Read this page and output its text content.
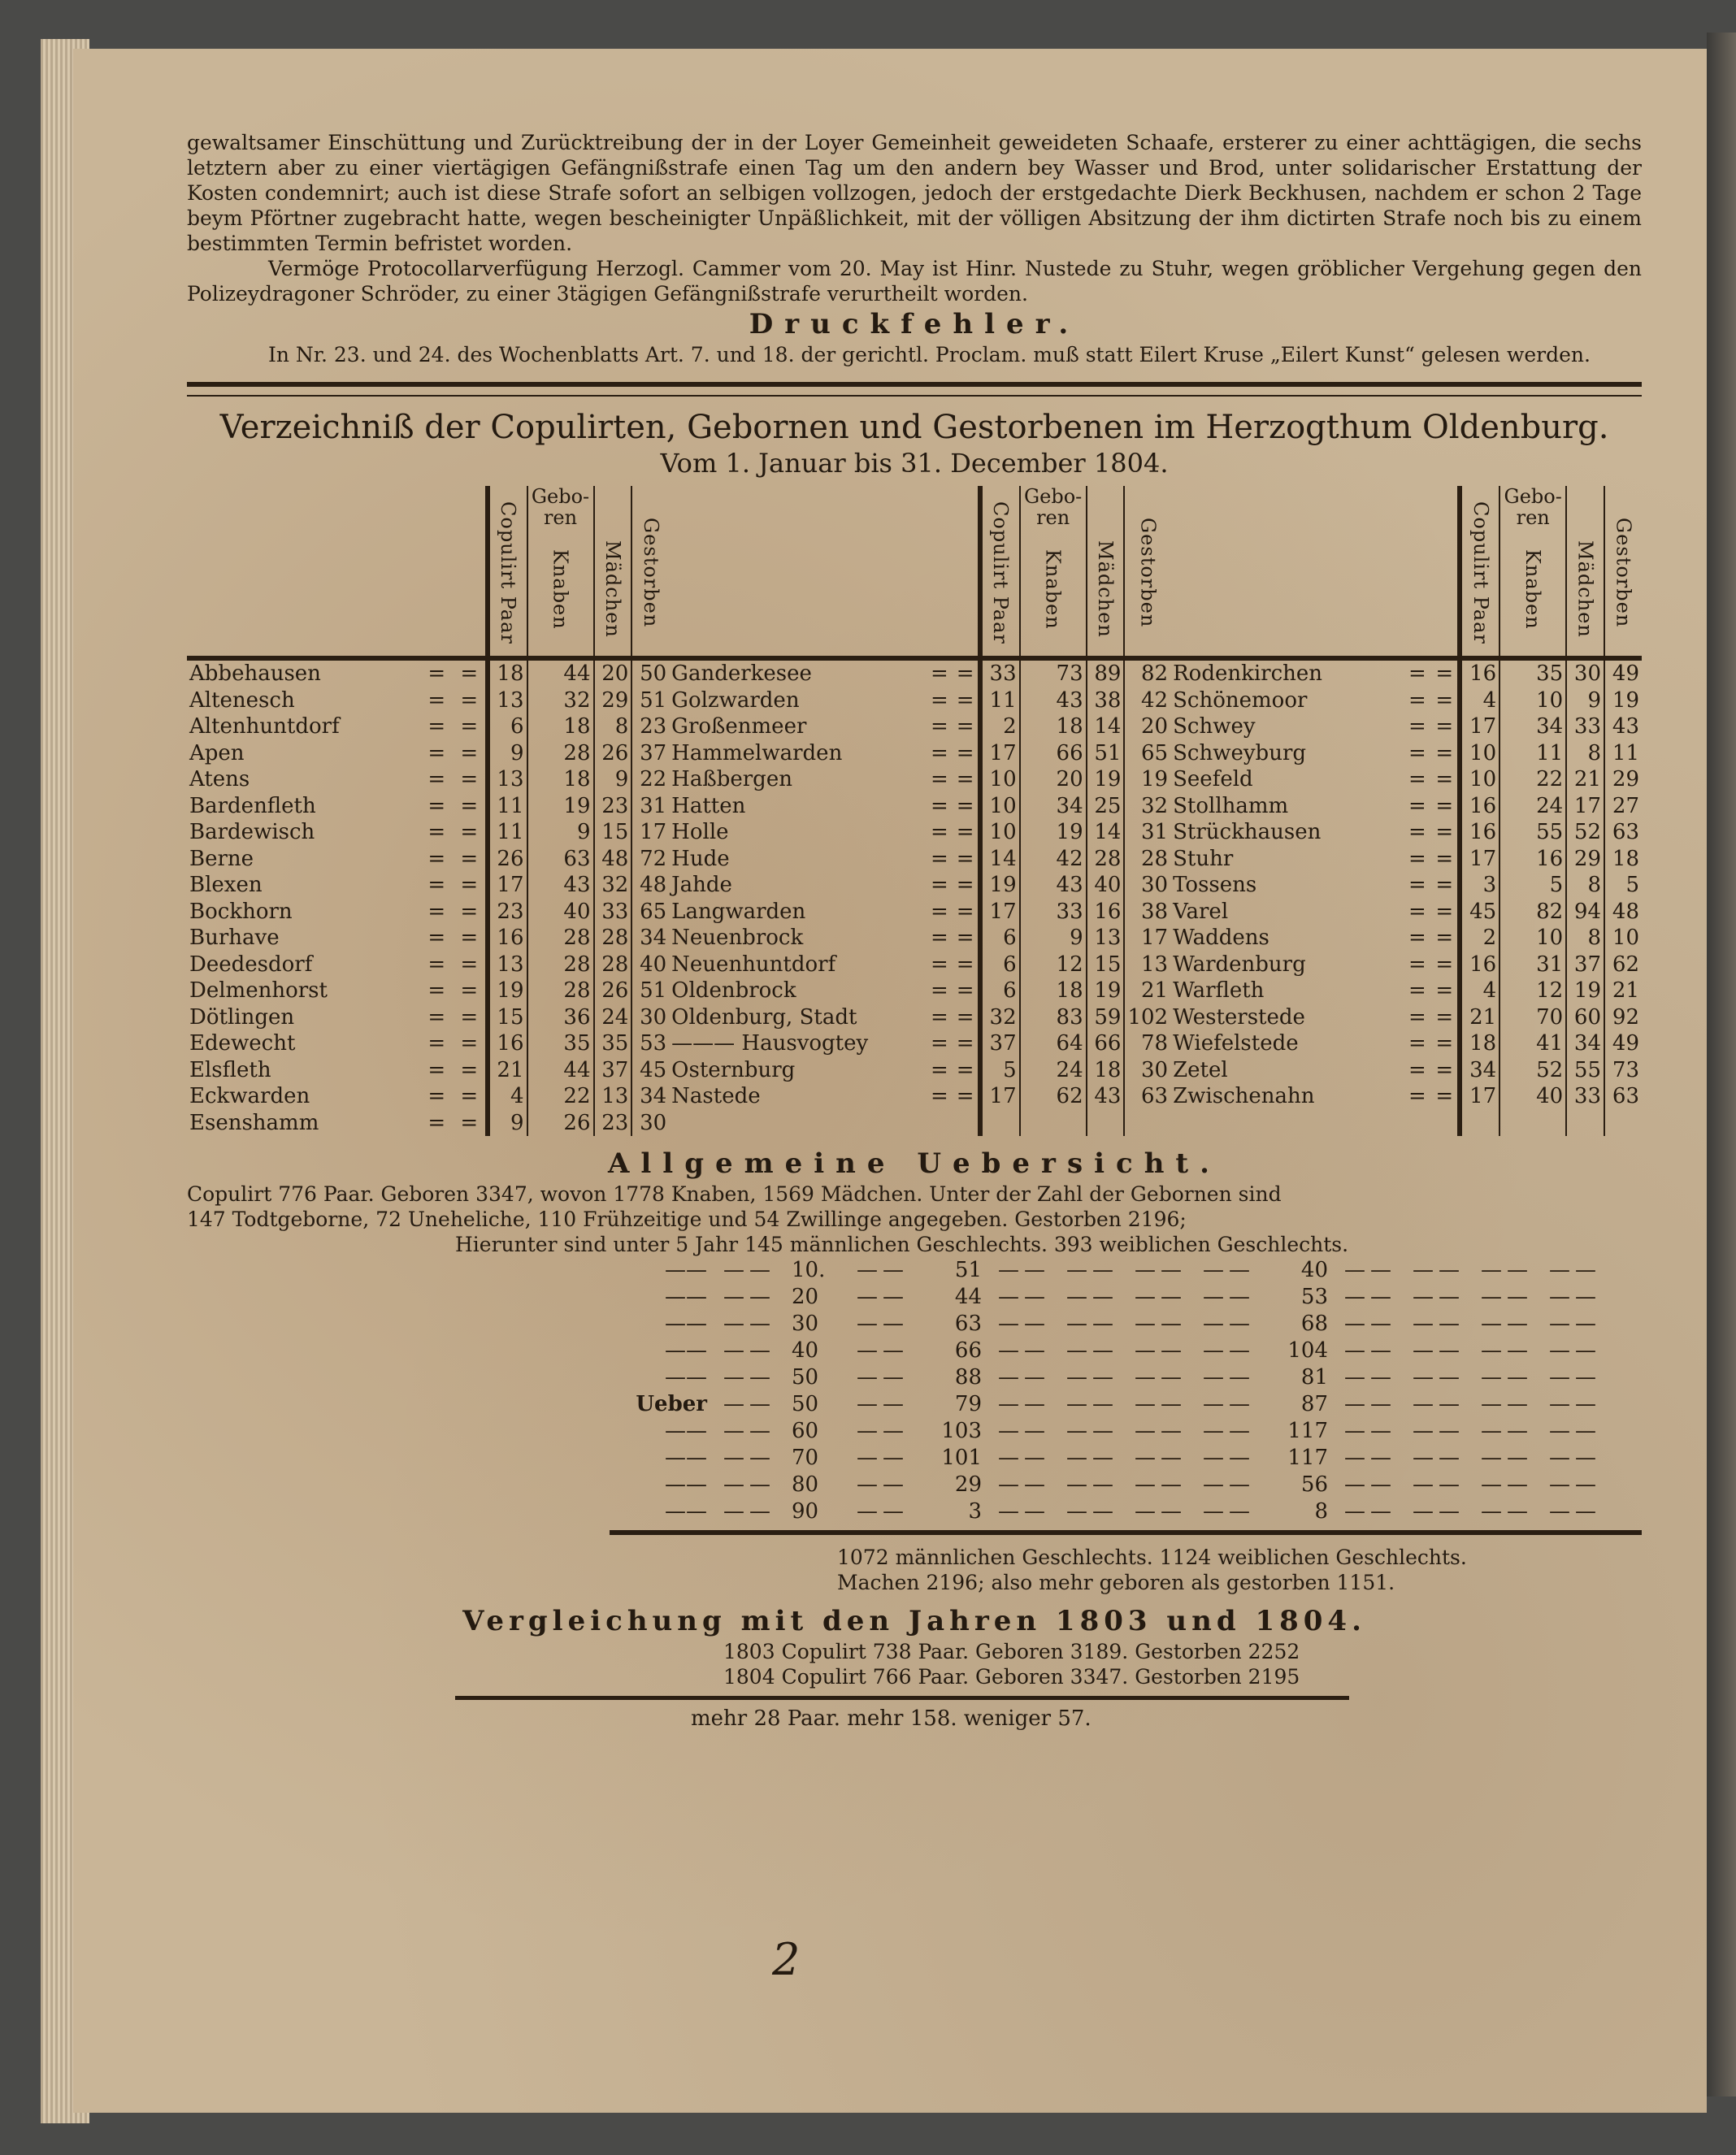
gewaltsamer Einschüttung und Zurücktreibung der in der Loyer Gemeinheit geweideten Schaafe, ersterer zu einer achttägigen, die sechs letztern aber zu einer viertägigen Gefängnißstrafe einen Tag um den andern bey Wasser und Brod, unter solidarischer Erstattung der Kosten condemnirt; auch ist diese Strafe sofort an selbigen vollzogen, jedoch der erstgedachte Dierk Beckhusen, nachdem er schon 2 Tage beym Pförtner zugebracht hatte, wegen bescheinigter Unpäßlichkeit, mit der völligen Absitzung der ihm dictirten Strafe noch bis zu einem bestimmten Termin befristet worden.

Vermöge Protocollarverfügung Herzogl. Cammer vom 20. May ist Hinr. Nustede zu Stuhr, wegen gröblicher Vergehung gegen den Polizeydragoner Schröder, zu einer 3tägigen Gefängnißstrafe verurtheilt worden.

Druckfehler.

In Nr. 23. und 24. des Wochenblatts Art. 7. und 18. der gerichtl. Proclam. muß statt Eilert Kruse „Eilert Kunst“ gelesen werden.

Verzeichniß der Copulirten, Gebornen und Gestorbenen im Herzogthum Oldenburg.
Vom 1. Januar bis 31. December 1804.
			Copulirt Paar	Gebo- ren
Knaben	Mädchen	Gestorben				Copulirt Paar	Gebo- ren
Knaben	Mädchen	Gestorben				Copulirt Paar	Gebo- ren
Knaben	Mädchen	Gestorben
Abbehausen	=	=	18	44	20	50	Ganderkesee	=	=	33	73	89	82	Rodenkirchen	=	=	16	35	30	49
Altenesch	=	=	13	32	29	51	Golzwarden	=	=	11	43	38	42	Schönemoor	=	=	4	10	9	19
Altenhuntdorf	=	=	6	18	8	23	Großenmeer	=	=	2	18	14	20	Schwey	=	=	17	34	33	43
Apen	=	=	9	28	26	37	Hammelwarden	=	=	17	66	51	65	Schweyburg	=	=	10	11	8	11
Atens	=	=	13	18	9	22	Haßbergen	=	=	10	20	19	19	Seefeld	=	=	10	22	21	29
Bardenfleth	=	=	11	19	23	31	Hatten	=	=	10	34	25	32	Stollhamm	=	=	16	24	17	27
Bardewisch	=	=	11	9	15	17	Holle	=	=	10	19	14	31	Strückhausen	=	=	16	55	52	63
Berne	=	=	26	63	48	72	Hude	=	=	14	42	28	28	Stuhr	=	=	17	16	29	18
Blexen	=	=	17	43	32	48	Jahde	=	=	19	43	40	30	Tossens	=	=	3	5	8	5
Bockhorn	=	=	23	40	33	65	Langwarden	=	=	17	33	16	38	Varel	=	=	45	82	94	48
Burhave	=	=	16	28	28	34	Neuenbrock	=	=	6	9	13	17	Waddens	=	=	2	10	8	10
Deedesdorf	=	=	13	28	28	40	Neuenhuntdorf	=	=	6	12	15	13	Wardenburg	=	=	16	31	37	62
Delmenhorst	=	=	19	28	26	51	Oldenbrock	=	=	6	18	19	21	Warfleth	=	=	4	12	19	21
Dötlingen	=	=	15	36	24	30	Oldenburg, Stadt	=	=	32	83	59	102	Westerstede	=	=	21	70	60	92
Edewecht	=	=	16	35	35	53	——— Hausvogtey	=	=	37	64	66	78	Wiefelstede	=	=	18	41	34	49
Elsfleth	=	=	21	44	37	45	Osternburg	=	=	5	24	18	30	Zetel	=	=	34	52	55	73
Eckwarden	=	=	4	22	13	34	Nastede	=	=	17	62	43	63	Zwischenahn	=	=	17	40	33	63
Esenshamm	=	=	9	26	23	30														
Allgemeine Uebersicht.

Copulirt 776 Paar. Geboren 3347, wovon 1778 Knaben, 1569 Mädchen. Unter der Zahl der Gebornen sind

147 Todtgeborne, 72 Uneheliche, 110 Frühzeitige und 54 Zwillinge angegeben. Gestorben 2196;

Hierunter sind unter 5 Jahr 145 männlichen Geschlechts. 393 weiblichen Geschlechts.

——	——	10.	——	51	——	——	——	——	40	——	——	——	——
——	——	20	——	44	——	——	——	——	53	——	——	——	——
——	——	30	——	63	——	——	——	——	68	——	——	——	——
——	——	40	——	66	——	——	——	——	104	——	——	——	——
——	——	50	——	88	——	——	——	——	81	——	——	——	——
Ueber	——	50	——	79	——	——	——	——	87	——	——	——	——
——	——	60	——	103	——	——	——	——	117	——	——	——	——
——	——	70	——	101	——	——	——	——	117	——	——	——	——
——	——	80	——	29	——	——	——	——	56	——	——	——	——
——	——	90	——	3	——	——	——	——	8	——	——	——	——

1072 männlichen Geschlechts. 1124 weiblichen Geschlechts.

Machen 2196; also mehr geboren als gestorben 1151.

Vergleichung mit den Jahren 1803 und 1804.
1803 Copulirt 738 Paar. Geboren 3189. Gestorben 2252
1804 Copulirt 766 Paar. Geboren 3347. Gestorben 2195
mehr 28 Paar. mehr 158. weniger 57.
2
